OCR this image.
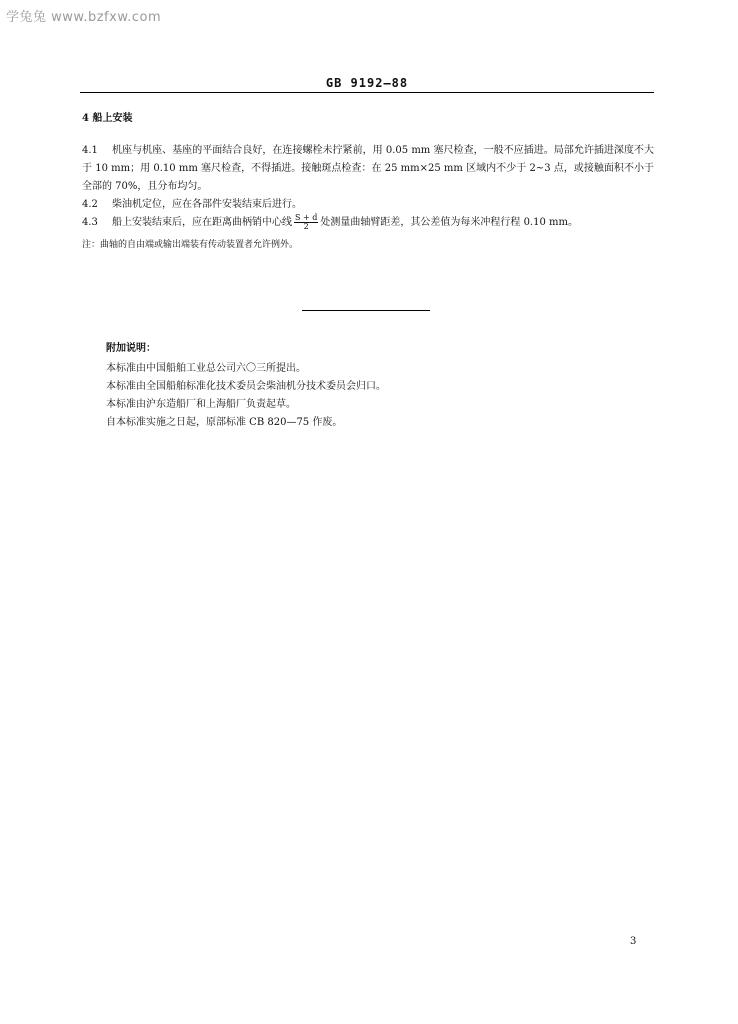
学兔兔 www.bzfxw.com
GB 9192—88
4 船上安装

4.1 机座与机座、基座的平面结合良好，在连接螺栓未拧紧前，用 0.05 mm 塞尺检查，一般不应插进。局部允许插进深度不大于 10 mm；用 0.10 mm 塞尺检查，不得插进。接触斑点检查：在 25 mm×25 mm 区域内不少于 2~3 点，或接触面积不小于全部的 70%，且分布均匀。

4.2 柴油机定位，应在各部件安装结束后进行。

4.3 船上安装结束后，应在距离曲柄销中心线 $\frac{S + d}{2}$ 处测量曲轴臂距差，其公差值为每米冲程行程 0.10 mm。

注：曲轴的自由端或输出端装有传动装置者允许例外。

附加说明：

本标准由中国船舶工业总公司六〇三所提出。

本标准由全国船舶标准化技术委员会柴油机分技术委员会归口。

本标准由沪东造船厂和上海船厂负责起草。

自本标准实施之日起，原部标准 CB 820—75 作废。

3
